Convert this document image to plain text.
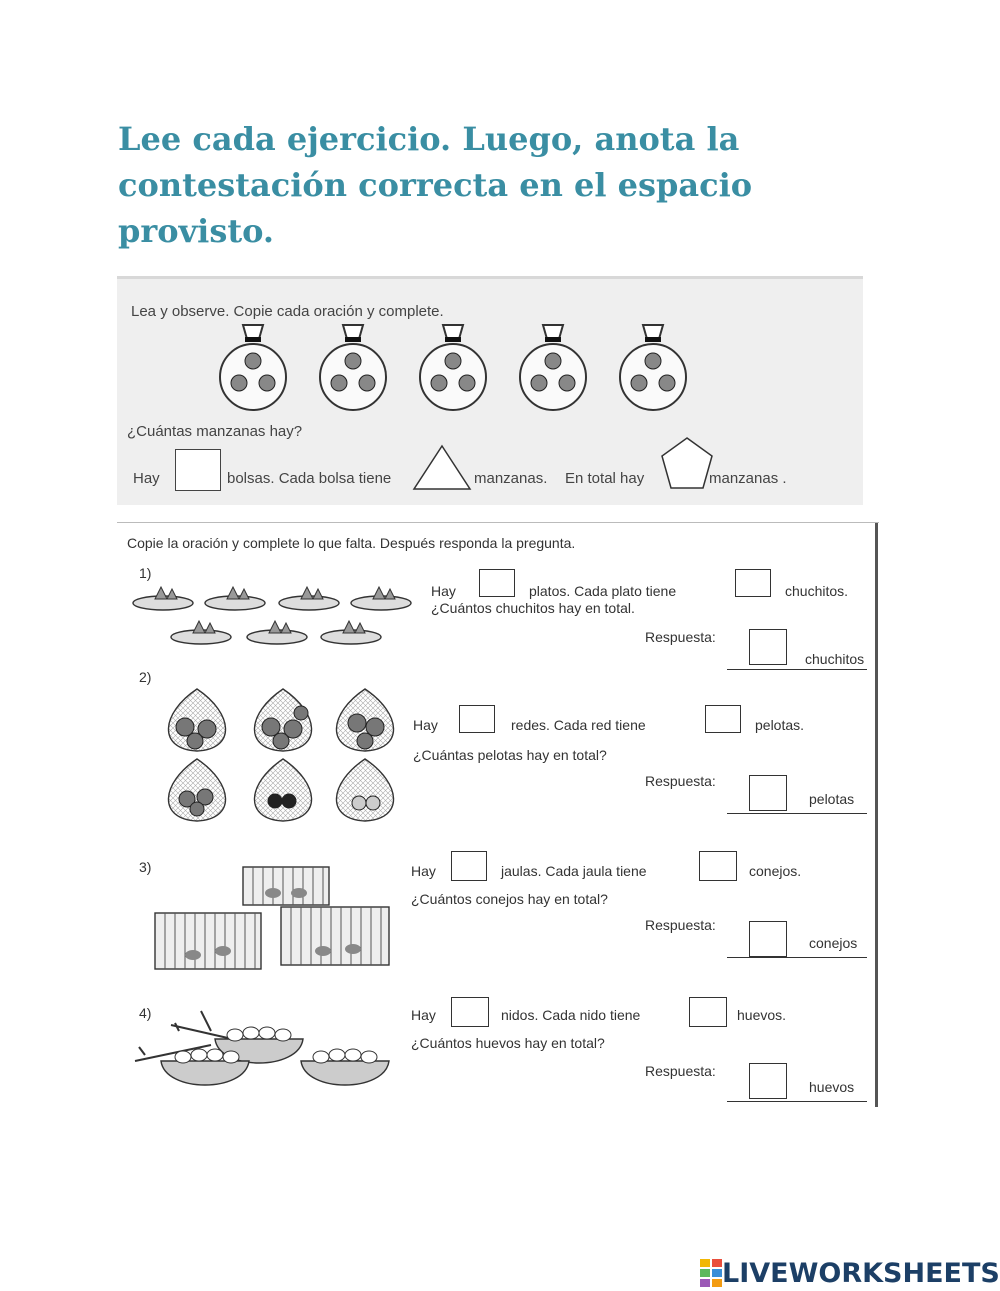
Lee cada ejercicio. Luego, anota la contestación correcta en el espacio provisto.
Lea y observe. Copie cada oración y complete.
¿Cuántas manzanas hay?
Hay	bolsas. Cada bolsa tiene	manzanas. En total hay	manzanas .
Copie la oración y complete lo que falta. Después responda la pregunta.
1)
Hay	platos. Cada plato tiene	chuchitos.
¿Cuántos chuchitos hay en total.
Respuesta:
chuchitos
2)
Hay	redes. Cada red tiene	pelotas.
¿Cuántas pelotas hay en total?
Respuesta:
pelotas
3)	Hay	jaulas. Cada jaula tiene	conejos.
¿Cuántos conejos hay en total?
Respuesta:
conejos
4)	Hay	nidos. Cada nido tiene	huevos.
¿Cuántos huevos hay en total?
Respuesta:
huevos
LIVEWORKSHEETS
